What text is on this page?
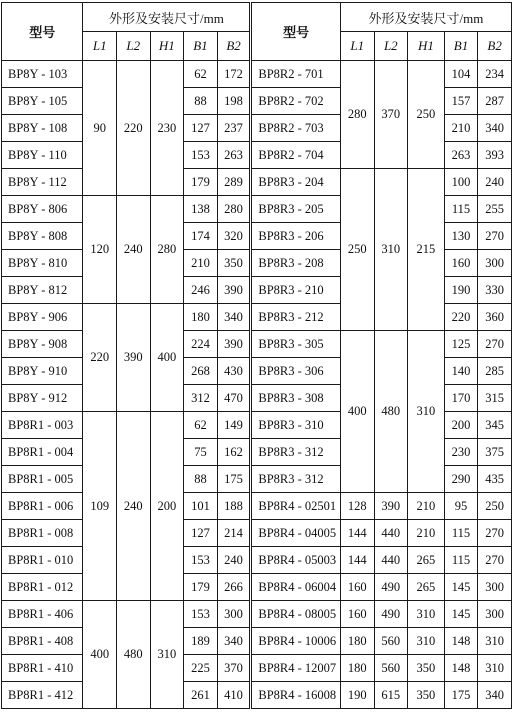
型号	外形及安装尺寸/mm					型号	外形及安装尺寸/mm				
	L1	L2	H1	B1	B2		L1	L2	H1	B1	B2
BP8Y - 103	90	220	230	62	172	BP8R2 - 701	280	370	250	104	234
BP8Y - 105				88	198	BP8R2 - 702				157	287
BP8Y - 108				127	237	BP8R2 - 703				210	340
BP8Y - 110				153	263	BP8R2 - 704				263	393
BP8Y - 112				179	289	BP8R3 - 204	250	310	215	100	240
BP8Y - 806	120	240	280	138	280	BP8R3 - 205				115	255
BP8Y - 808				174	320	BP8R3 - 206				130	270
BP8Y - 810				210	350	BP8R3 - 208				160	300
BP8Y - 812				246	390	BP8R3 - 210				190	330
BP8Y - 906	220	390	400	180	340	BP8R3 - 212				220	360
BP8Y - 908				224	390	BP8R3 - 305	400	480	310	125	270
BP8Y - 910				268	430	BP8R3 - 306				140	285
BP8Y - 912				312	470	BP8R3 - 308				170	315
BP8R1 - 003	109	240	200	62	149	BP8R3 - 310				200	345
BP8R1 - 004				75	162	BP8R3 - 312				230	375
BP8R1 - 005				88	175	BP8R3 - 312				290	435
BP8R1 - 006				101	188	BP8R4 - 02501	128	390	210	95	250
BP8R1 - 008				127	214	BP8R4 - 04005	144	440	210	115	270
BP8R1 - 010				153	240	BP8R4 - 05003	144	440	265	115	270
BP8R1 - 012				179	266	BP8R4 - 06004	160	490	265	145	300
BP8R1 - 406	400	480	310	153	300	BP8R4 - 08005	160	490	310	145	300
BP8R1 - 408				189	340	BP8R4 - 10006	180	560	310	148	310
BP8R1 - 410				225	370	BP8R4 - 12007	180	560	350	148	310
BP8R1 - 412				261	410	BP8R4 - 16008	190	615	350	175	340
